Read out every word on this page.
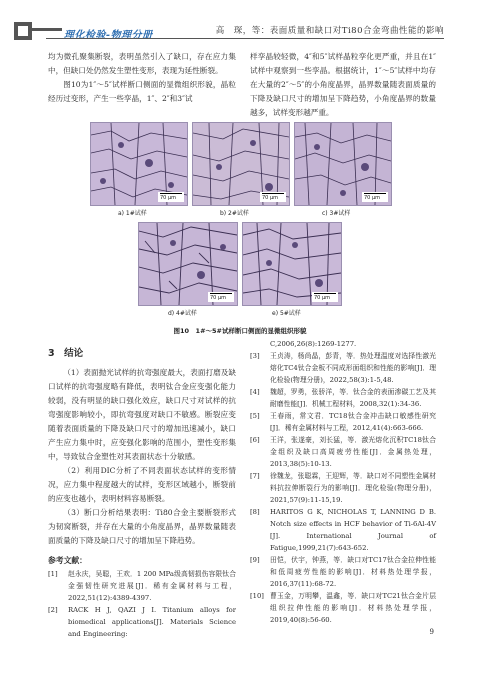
理化检验-物理分册	高　琛，等：表面质量和缺口对Ti80合金弯曲性能的影响

均为微孔聚集断裂，表明虽然引入了缺口，存在应力集中，但缺口处仍然发生塑性变形，表现为延性断裂。

图10为1″～5″试样断口侧面的显微组织形貌，晶粒经历过变形，产生一些孪晶，1″、2″和3″试

样孪晶较轻微，4″和5″试样晶粒孪化更严重，并且在1″试样中观察到一些孪晶。根据统计，1″～5″试样中均存在大量的2″～5″的小角度晶界，晶界数量随表面质量的下降及缺口尺寸的增加呈下降趋势，小角度晶界的数量越多，试样变形越严重。

70 μm	70 μm	70 μm
a) 1#试样	b) 2#试样	c) 3#试样
70 μm	70 μm
d) 4#试样	e) 5#试样
图10　1#～5#试样断口侧面的显微组织形貌
3　结论

（1）表面抛光试样的抗弯强度最大，表面打磨及缺口试样的抗弯强度略有降低，表明钛合金应变强化能力较弱，没有明显的缺口强化效应，缺口尺寸对试样的抗弯强度影响较小，即抗弯强度对缺口不敏感。断裂应变随着表面质量的下降及缺口尺寸的增加迅速减小，缺口产生应力集中时，应变强化影响的范围小，塑性变形集中，导致钛合金塑性对其表面状态十分敏感。

（2）利用DIC分析了不同表面状态试样的变形情况，应力集中程度越大的试样，变形区域越小，断裂前的应变也越小，表明材料容易断裂。

（3）断口分析结果表明：Ti80合金主要断裂形式为韧窝断裂，并存在大量的小角度晶界，晶界数量随表面质量的下降及缺口尺寸的增加呈下降趋势。

参考文献：
[1]	赵永庆，吴聪，王欢．1 200 MPa级高韧损伤容限钛合金强韧性研究进展[J]．稀有金属材料与工程，2022,51(12):4389-4397.
[2]	RACK H J, QAZI J I. Titanium alloys for biomedical applications[J]. Materials Science and Engineering:
C,2006,26(8):1269-1277.
[3]	王贞涛，杨尚晶，彭青，等．热处理温度对选择性激光熔化TC4钛合金板不同成形面组织和性能的影响[J]．理化检验(物理分册)，2022,58(3):1-5,48.
[4]	魏超，罗勇，张骄洋，等．钛合金的表面渗碳工艺及其耐磨性能[J]．机械工程材料，2008,32(1):34-36.
[5]	王春雨，常文君．TC18钛合金冲击缺口敏感性研究[J]．稀有金属材料与工程，2012,41(4):663-666.
[6]	王洋，张遂豪，刘长猛，等．激光熔化沉积TC18钛合金组织及缺口高周疲劳性能[J]．金属热处理，2013,38(5):10-13.
[7]	徐魏龙，张聪霖，王迎辉，等．缺口对不同塑性金属材料抗拉伸断裂行为的影响[J]．理化检验(物理分册)，2021,57(9):11-15,19.
[8]	HARITOS G K, NICHOLAS T, LANNING D B. Notch size effects in HCF behavior of Ti-6Al-4V [J]. International Journal of Fatigue,1999,21(7):643-652.
[9]	田恺，伏宇，钟燕，等．缺口对TC17钛合金拉伸性能和低周疲劳性能的影响[J]．材料热处理学报，2016,37(11):68-72.
[10] 曹玉金，万明攀，温鑫，等．缺口对TC21钛合金片层组织拉伸性能的影响[J]．材料热处理学报，2019,40(8):56-60.
9
